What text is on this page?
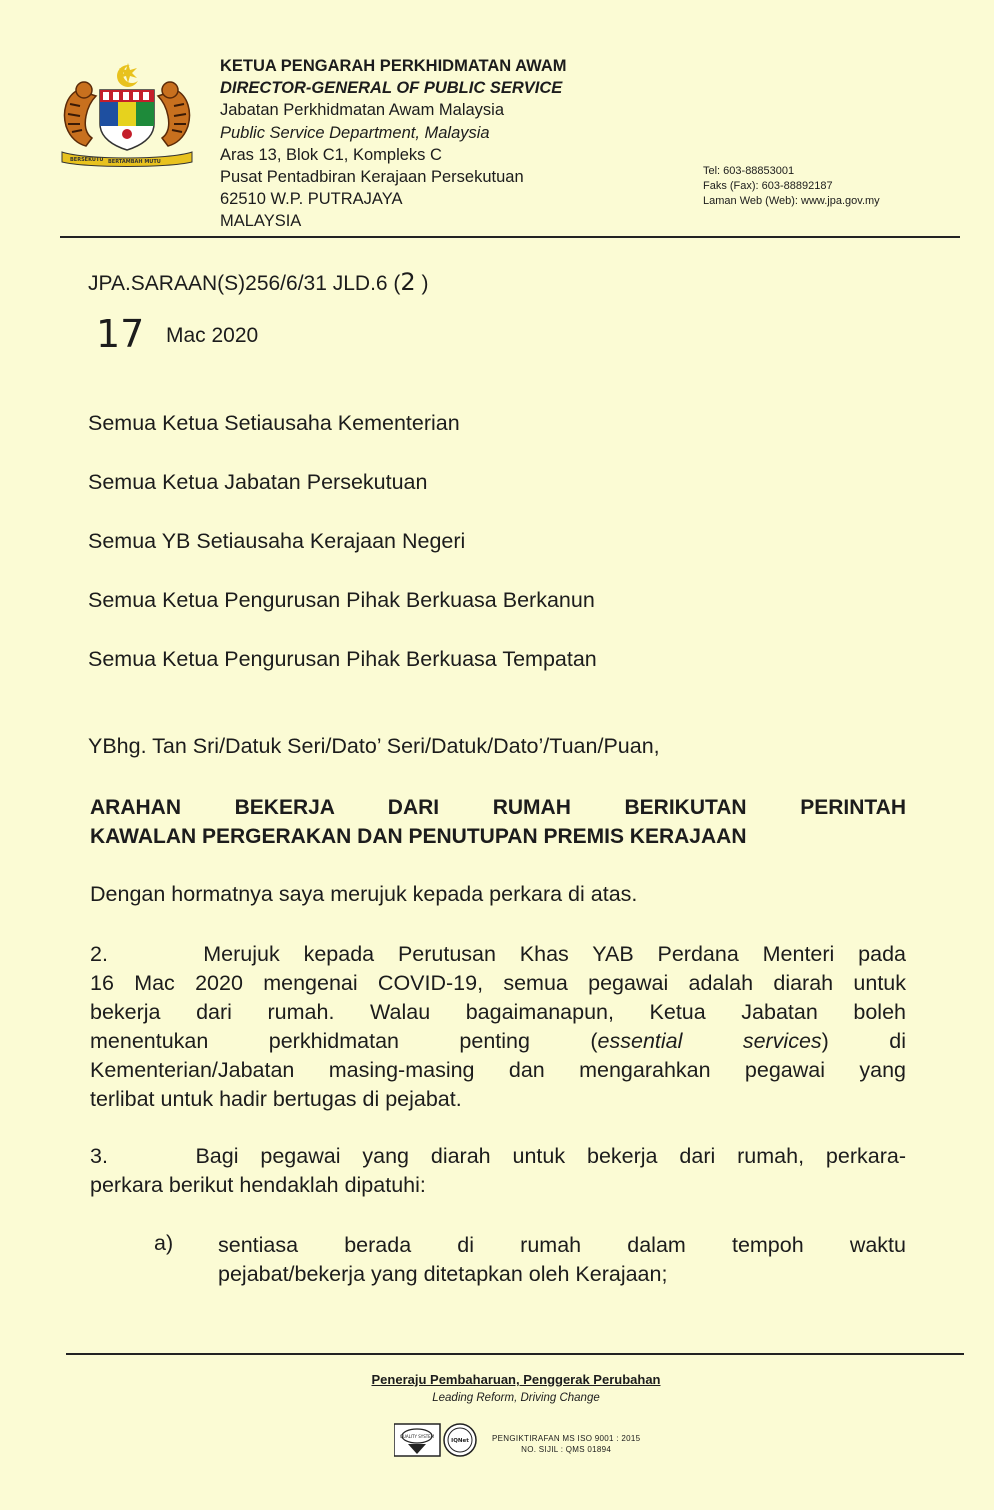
BERSEKUTU BERTAMBAH MUTU
KETUA PENGARAH PERKHIDMATAN AWAM
DIRECTOR-GENERAL OF PUBLIC SERVICE
Jabatan Perkhidmatan Awam Malaysia
Public Service Department, Malaysia
Aras 13, Blok C1, Kompleks C
Pusat Pentadbiran Kerajaan Persekutuan
62510 W.P. PUTRAJAYA
MALAYSIA
Tel: 603-88853001
Faks (Fax): 603-88892187
Laman Web (Web): www.jpa.gov.my
JPA.SARAAN(S)256/6/31 JLD.6 (2 )
17 Mac 2020
Semua Ketua Setiausaha Kementerian
Semua Ketua Jabatan Persekutuan
Semua YB Setiausaha Kerajaan Negeri
Semua Ketua Pengurusan Pihak Berkuasa Berkanun
Semua Ketua Pengurusan Pihak Berkuasa Tempatan
YBhg. Tan Sri/Datuk Seri/Dato’ Seri/Datuk/Dato’/Tuan/Puan,
ARAHAN BEKERJA DARI RUMAH BERIKUTAN PERINTAH
KAWALAN PERGERAKAN DAN PENUTUPAN PREMIS KERAJAAN
Dengan hormatnya saya merujuk kepada perkara di atas.
2.    Merujuk kepada Perutusan Khas YAB Perdana Menteri pada
16 Mac 2020 mengenai COVID-19, semua pegawai adalah diarah untuk
bekerja dari rumah. Walau bagaimanapun, Ketua Jabatan boleh
menentukan perkhidmatan penting (essential services) di
Kementerian/Jabatan masing-masing dan mengarahkan pegawai yang
terlibat untuk hadir bertugas di pejabat.
3.    Bagi pegawai yang diarah untuk bekerja dari rumah, perkara-
perkara berikut hendaklah dipatuhi:
a) sentiasa berada di rumah dalam tempoh waktu
pejabat/bekerja yang ditetapkan oleh Kerajaan;
Peneraju Pembaharuan, Penggerak Perubahan
Leading Reform, Driving Change
QUALITY SYSTEM
IQNet	PENGIKTIRAFAN MS ISO 9001 : 2015
NO. SIJIL : QMS 01894
